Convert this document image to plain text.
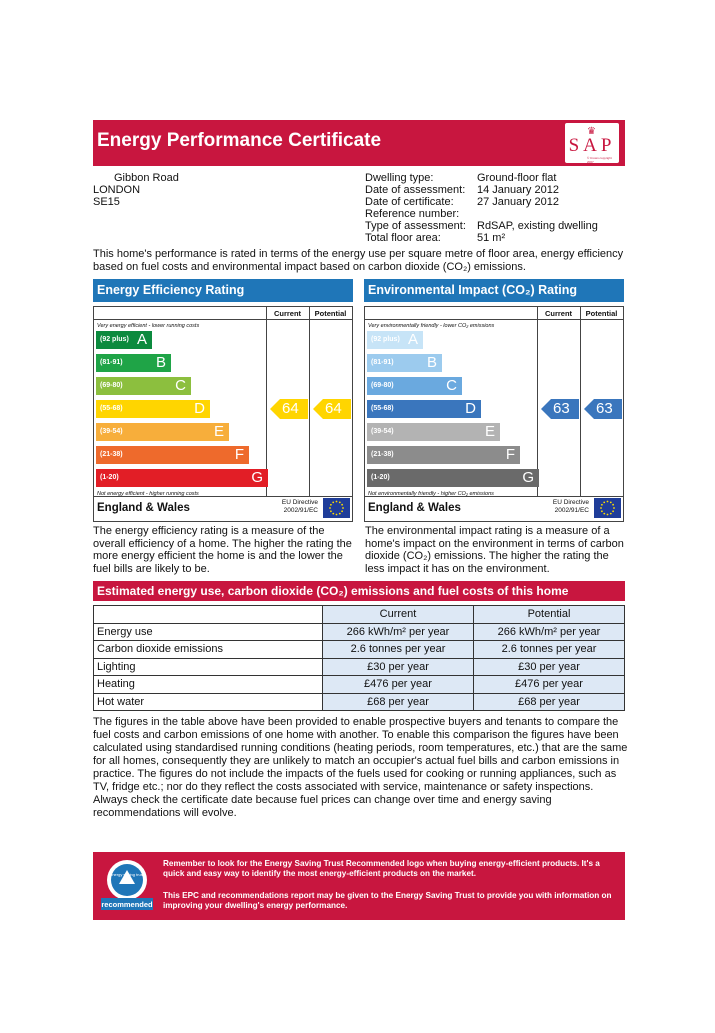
Energy Performance Certificate	♛
SAP
© Crown copyright 2007
Gibbon Road
LONDON
SE15
Dwelling type:	Ground-floor flat
Date of assessment:	14 January 2012
Date of certificate:	27 January 2012
Reference number:
Type of assessment:	RdSAP, existing dwelling
Total floor area:	51 m²
This home's performance is rated in terms of the energy use per square metre of floor area, energy efficiency based on fuel costs and environmental impact based on carbon dioxide (CO₂) emissions.
Energy Efficiency Rating
Current	Potential
Very energy efficient - lower running costs
Not energy efficient - higher running costs
(92 plus) A
(81-91) B
(69-80)	C
(55-68)	D
(39-54)	E
(21-38)	F
(1-20)	G
64 64
England & Wales	EU Directive 2002/91/EC
The energy efficiency rating is a measure of the overall efficiency of a home. The higher the rating the more energy efficient the home is and the lower the fuel bills are likely to be.
Environmental Impact (CO₂) Rating
Current	Potential
Very environmentally friendly - lower CO₂ emissions
Not environmentally friendly - higher CO₂ emissions
(92 plus) A
(81-91) B
(69-80)	C
(55-68)	D
(39-54)	E
(21-38)	F
(1-20)	G
63 63
England & Wales	EU Directive 2002/91/EC
The environmental impact rating is a measure of a home's impact on the environment in terms of carbon dioxide (CO₂) emissions. The higher the rating the less impact it has on the environment.
Estimated energy use, carbon dioxide (CO₂) emissions and fuel costs of this home
	Current	Potential
Energy use	266 kWh/m² per year	266 kWh/m² per year
Carbon dioxide emissions	2.6 tonnes per year	2.6 tonnes per year
Lighting	£30 per year	£30 per year
Heating	£476 per year	£476 per year
Hot water	£68 per year	£68 per year
The figures in the table above have been provided to enable prospective buyers and tenants to compare the fuel costs and carbon emissions of one home with another. To enable this comparison the figures have been calculated using standardised running conditions (heating periods, room temperatures, etc.) that are the same for all homes, consequently they are unlikely to match an occupier's actual fuel bills and carbon emissions in practice. The figures do not include the impacts of the fuels used for cooking or running appliances, such as TV, fridge etc.; nor do they reflect the costs associated with service, maintenance or safety inspections. Always check the certificate date because fuel prices can change over time and energy saving recommendations will evolve.
energy saving trust
recommended

Remember to look for the Energy Saving Trust Recommended logo when buying energy-efficient products. It's a quick and easy way to identify the most energy-efficient products on the market.

This EPC and recommendations report may be given to the Energy Saving Trust to provide you with information on improving your dwelling's energy performance.
